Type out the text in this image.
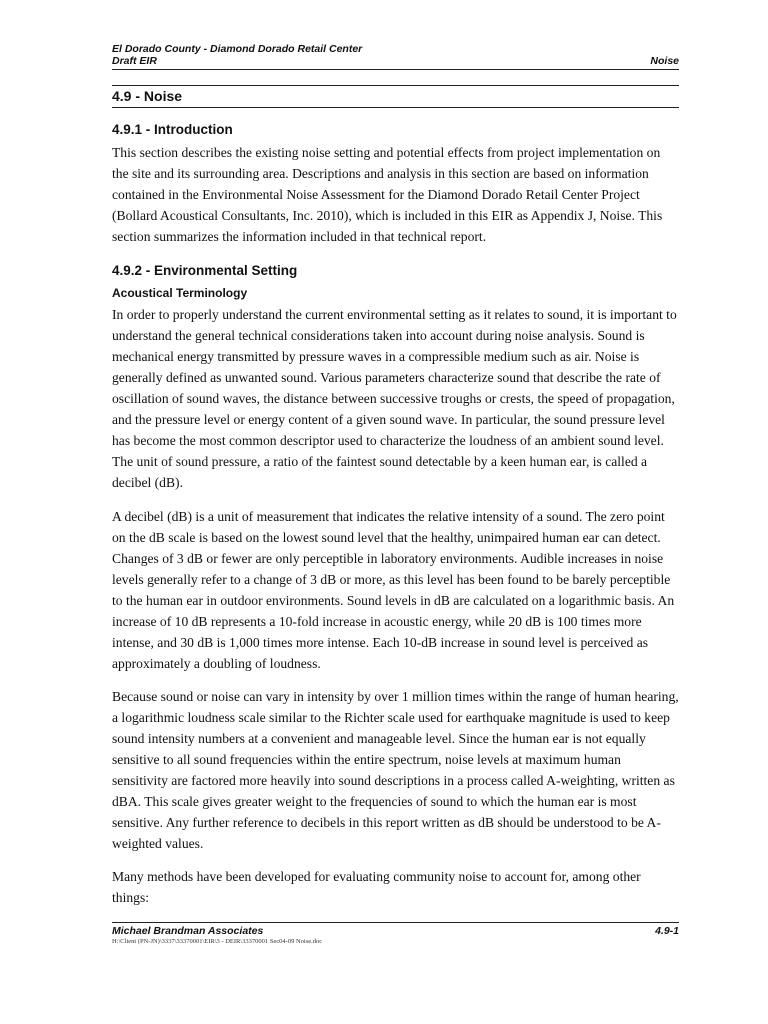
El Dorado County - Diamond Dorado Retail Center
Draft EIR	Noise
4.9 - Noise
4.9.1 - Introduction

This section describes the existing noise setting and potential effects from project implementation on the site and its surrounding area. Descriptions and analysis in this section are based on information contained in the Environmental Noise Assessment for the Diamond Dorado Retail Center Project (Bollard Acoustical Consultants, Inc. 2010), which is included in this EIR as Appendix J, Noise. This section summarizes the information included in that technical report.

4.9.2 - Environmental Setting
Acoustical Terminology

In order to properly understand the current environmental setting as it relates to sound, it is important to understand the general technical considerations taken into account during noise analysis. Sound is mechanical energy transmitted by pressure waves in a compressible medium such as air. Noise is generally defined as unwanted sound. Various parameters characterize sound that describe the rate of oscillation of sound waves, the distance between successive troughs or crests, the speed of propagation, and the pressure level or energy content of a given sound wave. In particular, the sound pressure level has become the most common descriptor used to characterize the loudness of an ambient sound level. The unit of sound pressure, a ratio of the faintest sound detectable by a keen human ear, is called a decibel (dB).

A decibel (dB) is a unit of measurement that indicates the relative intensity of a sound. The zero point on the dB scale is based on the lowest sound level that the healthy, unimpaired human ear can detect. Changes of 3 dB or fewer are only perceptible in laboratory environments. Audible increases in noise levels generally refer to a change of 3 dB or more, as this level has been found to be barely perceptible to the human ear in outdoor environments. Sound levels in dB are calculated on a logarithmic basis. An increase of 10 dB represents a 10-fold increase in acoustic energy, while 20 dB is 100 times more intense, and 30 dB is 1,000 times more intense. Each 10-dB increase in sound level is perceived as approximately a doubling of loudness.

Because sound or noise can vary in intensity by over 1 million times within the range of human hearing, a logarithmic loudness scale similar to the Richter scale used for earthquake magnitude is used to keep sound intensity numbers at a convenient and manageable level. Since the human ear is not equally sensitive to all sound frequencies within the entire spectrum, noise levels at maximum human sensitivity are factored more heavily into sound descriptions in a process called A-weighting, written as dBA. This scale gives greater weight to the frequencies of sound to which the human ear is most sensitive. Any further reference to decibels in this report written as dB should be understood to be A-weighted values.

Many methods have been developed for evaluating community noise to account for, among other things:

Michael Brandman Associates	4.9-1
H:\Client (PN-JN)\3337\33370001\EIR\3 - DEIR\33370001 Sec04-09 Noise.doc
